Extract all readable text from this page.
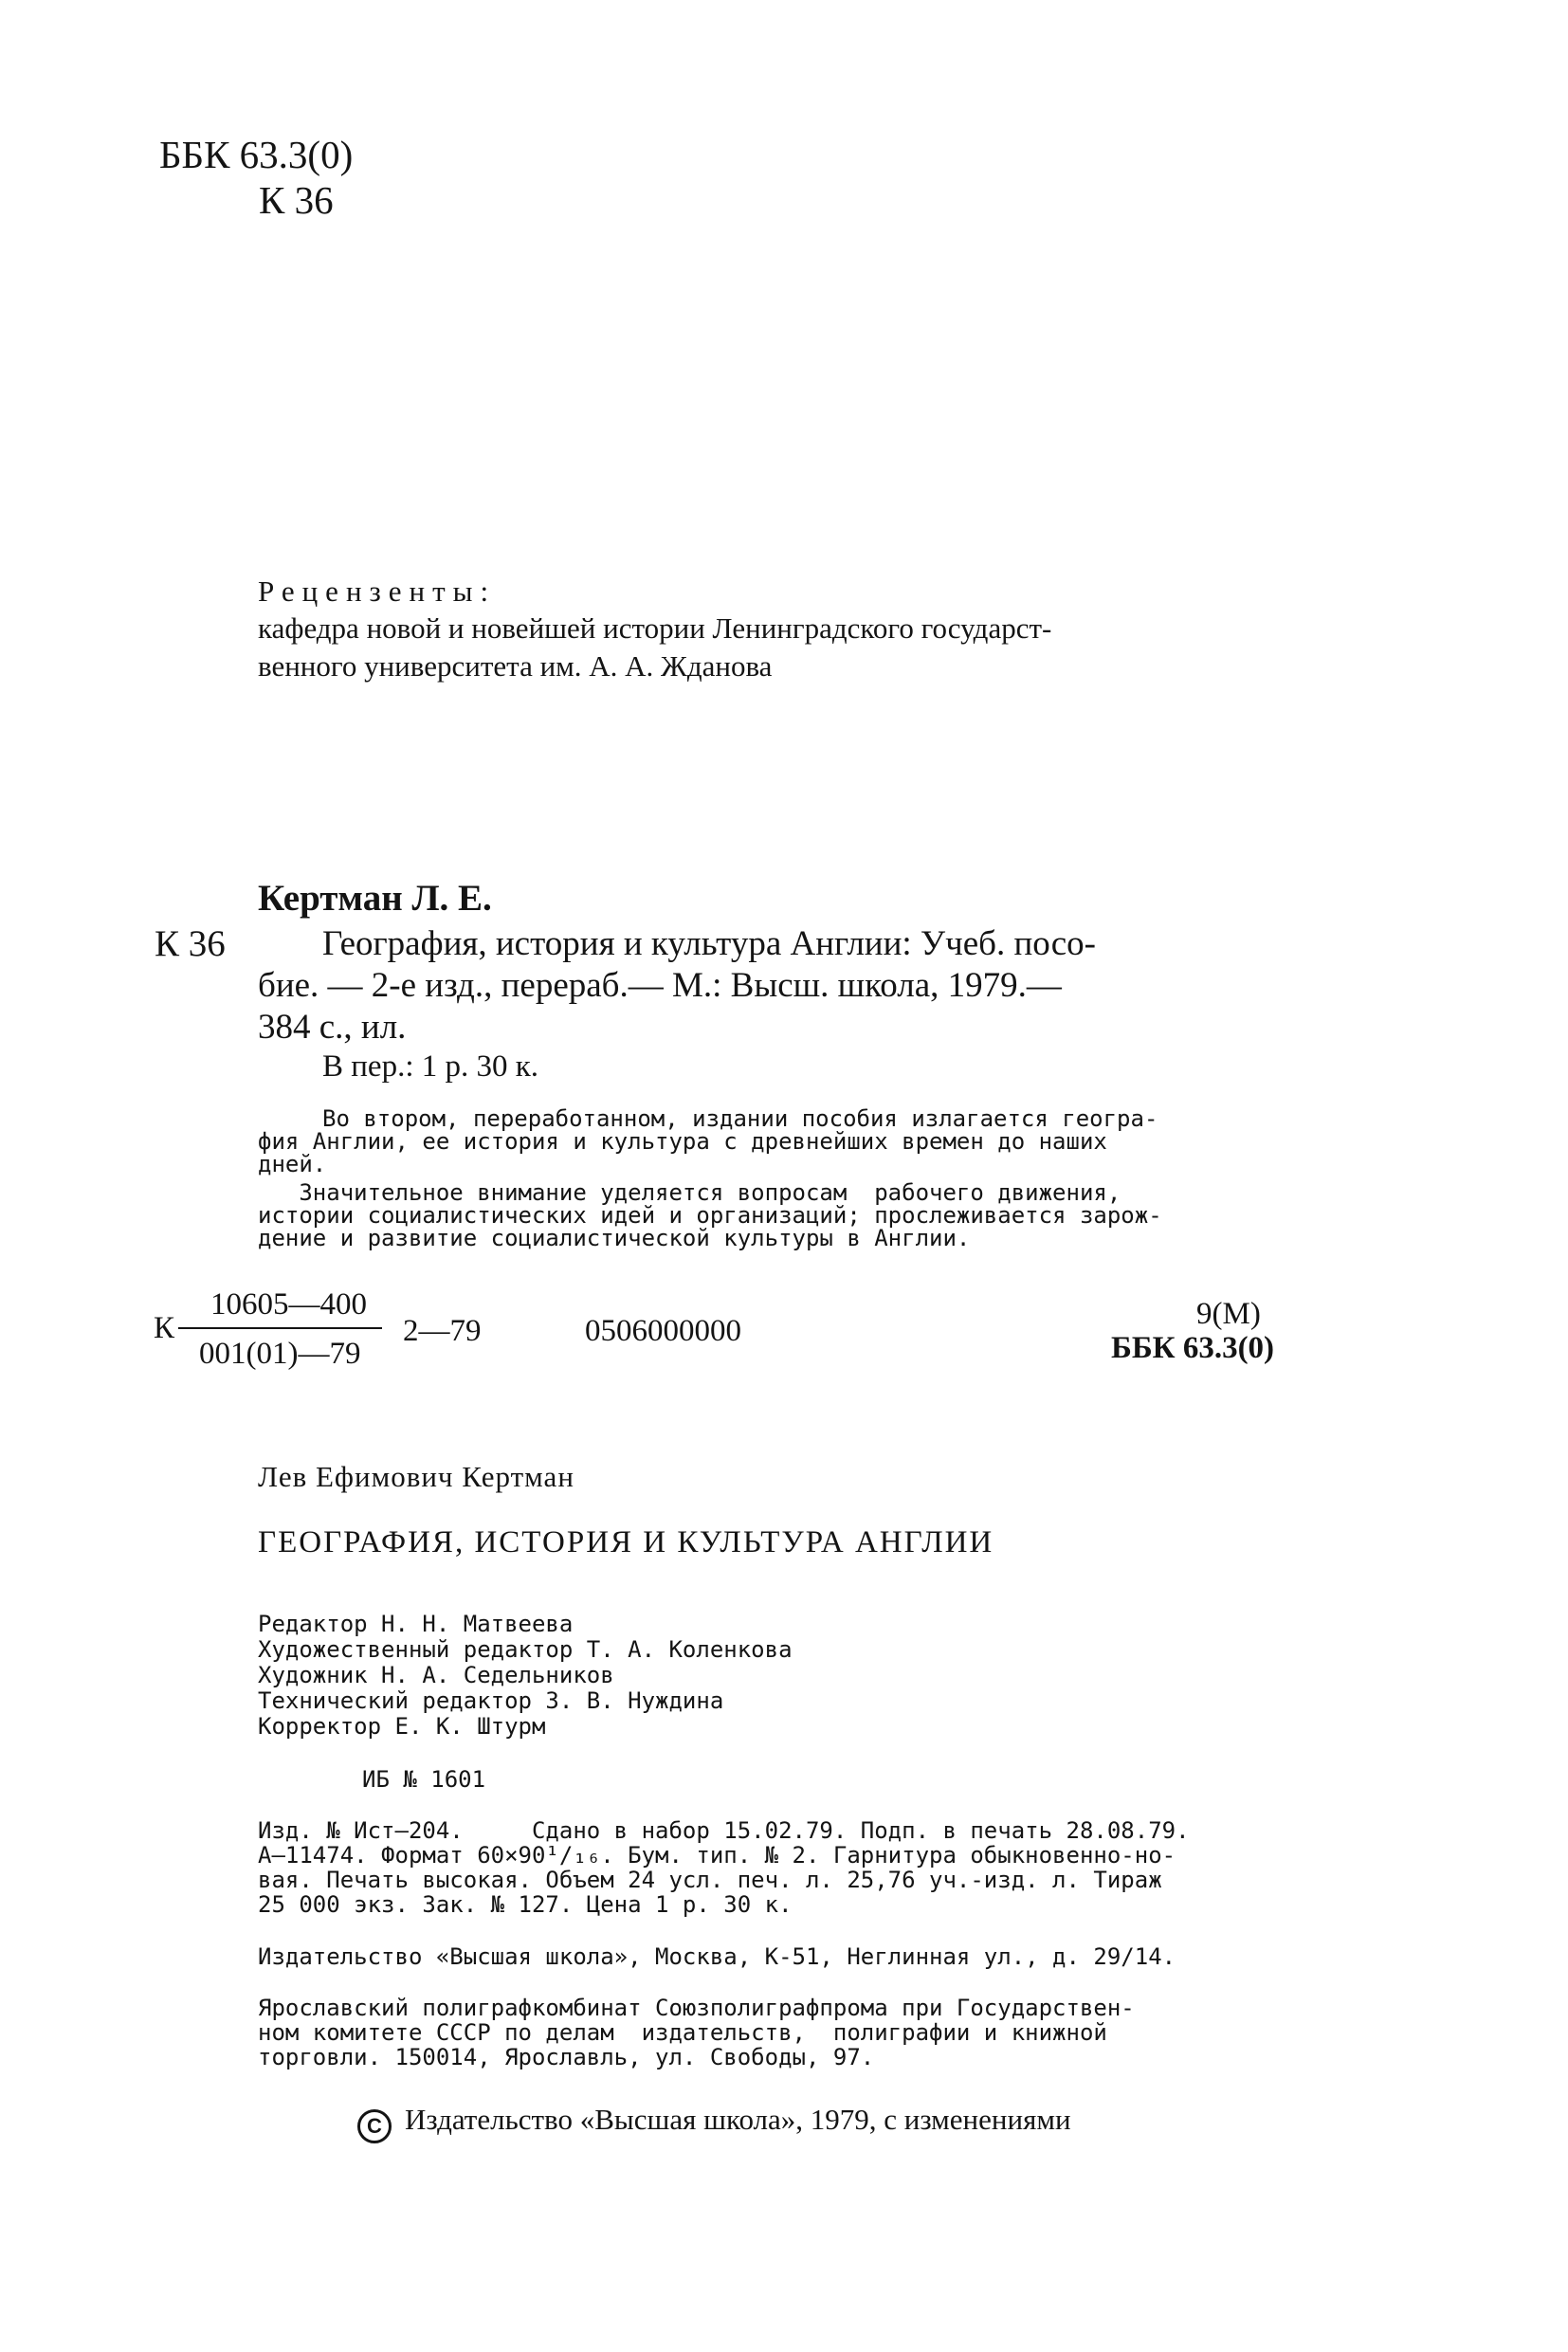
ББК 63.3(0)
К 36
Рецензенты:
кафедра новой и новейшей истории Ленинградского государст-
венного университета им. А. А. Жданова
Кертман Л. Е.
К 36	География, история и культура Англии: Учеб. посо-
бие. — 2-е изд., перераб.— М.: Высш. школа, 1979.—
384 с., ил.
В пер.: 1 р. 30 к.
Во втором, переработанном, издании пособия излагается геогра-
фия Англии, ее история и культура с древнейших времен до наших
дней.
Значительное внимание уделяется вопросам  рабочего движения,
истории социалистических идей и организаций; прослеживается зарож-
дение и развитие социалистической культуры в Англии.
К
10605—400
001(01)—79
2—79	0506000000	9(М)
ББК 63.3(0)
Лев Ефимович Кертман
ГЕОГРАФИЯ, ИСТОРИЯ И КУЛЬТУРА АНГЛИИ
Редактор Н. Н. Матвеева
Художественный редактор Т. А. Коленкова
Художник Н. А. Седельников
Технический редактор З. В. Нуждина
Корректор Е. К. Штурм
ИБ № 1601
Изд. № Ист—204.     Сдано в набор 15.02.79. Подп. в печать 28.08.79.
А—11474. Формат 60×90¹/₁₆. Бум. тип. № 2. Гарнитура обыкновенно-но-
вая. Печать высокая. Объем 24 усл. печ. л. 25,76 уч.-изд. л. Тираж
25 000 экз. Зак. № 127. Цена 1 р. 30 к.
Издательство «Высшая школа», Москва, К-51, Неглинная ул., д. 29/14.
Ярославский полиграфкомбинат Союзполиграфпрома при Государствен-
ном комитете СССР по делам  издательств,  полиграфии и книжной
торговли. 150014, Ярославль, ул. Свободы, 97.
C Издательство «Высшая школа», 1979, с изменениями
